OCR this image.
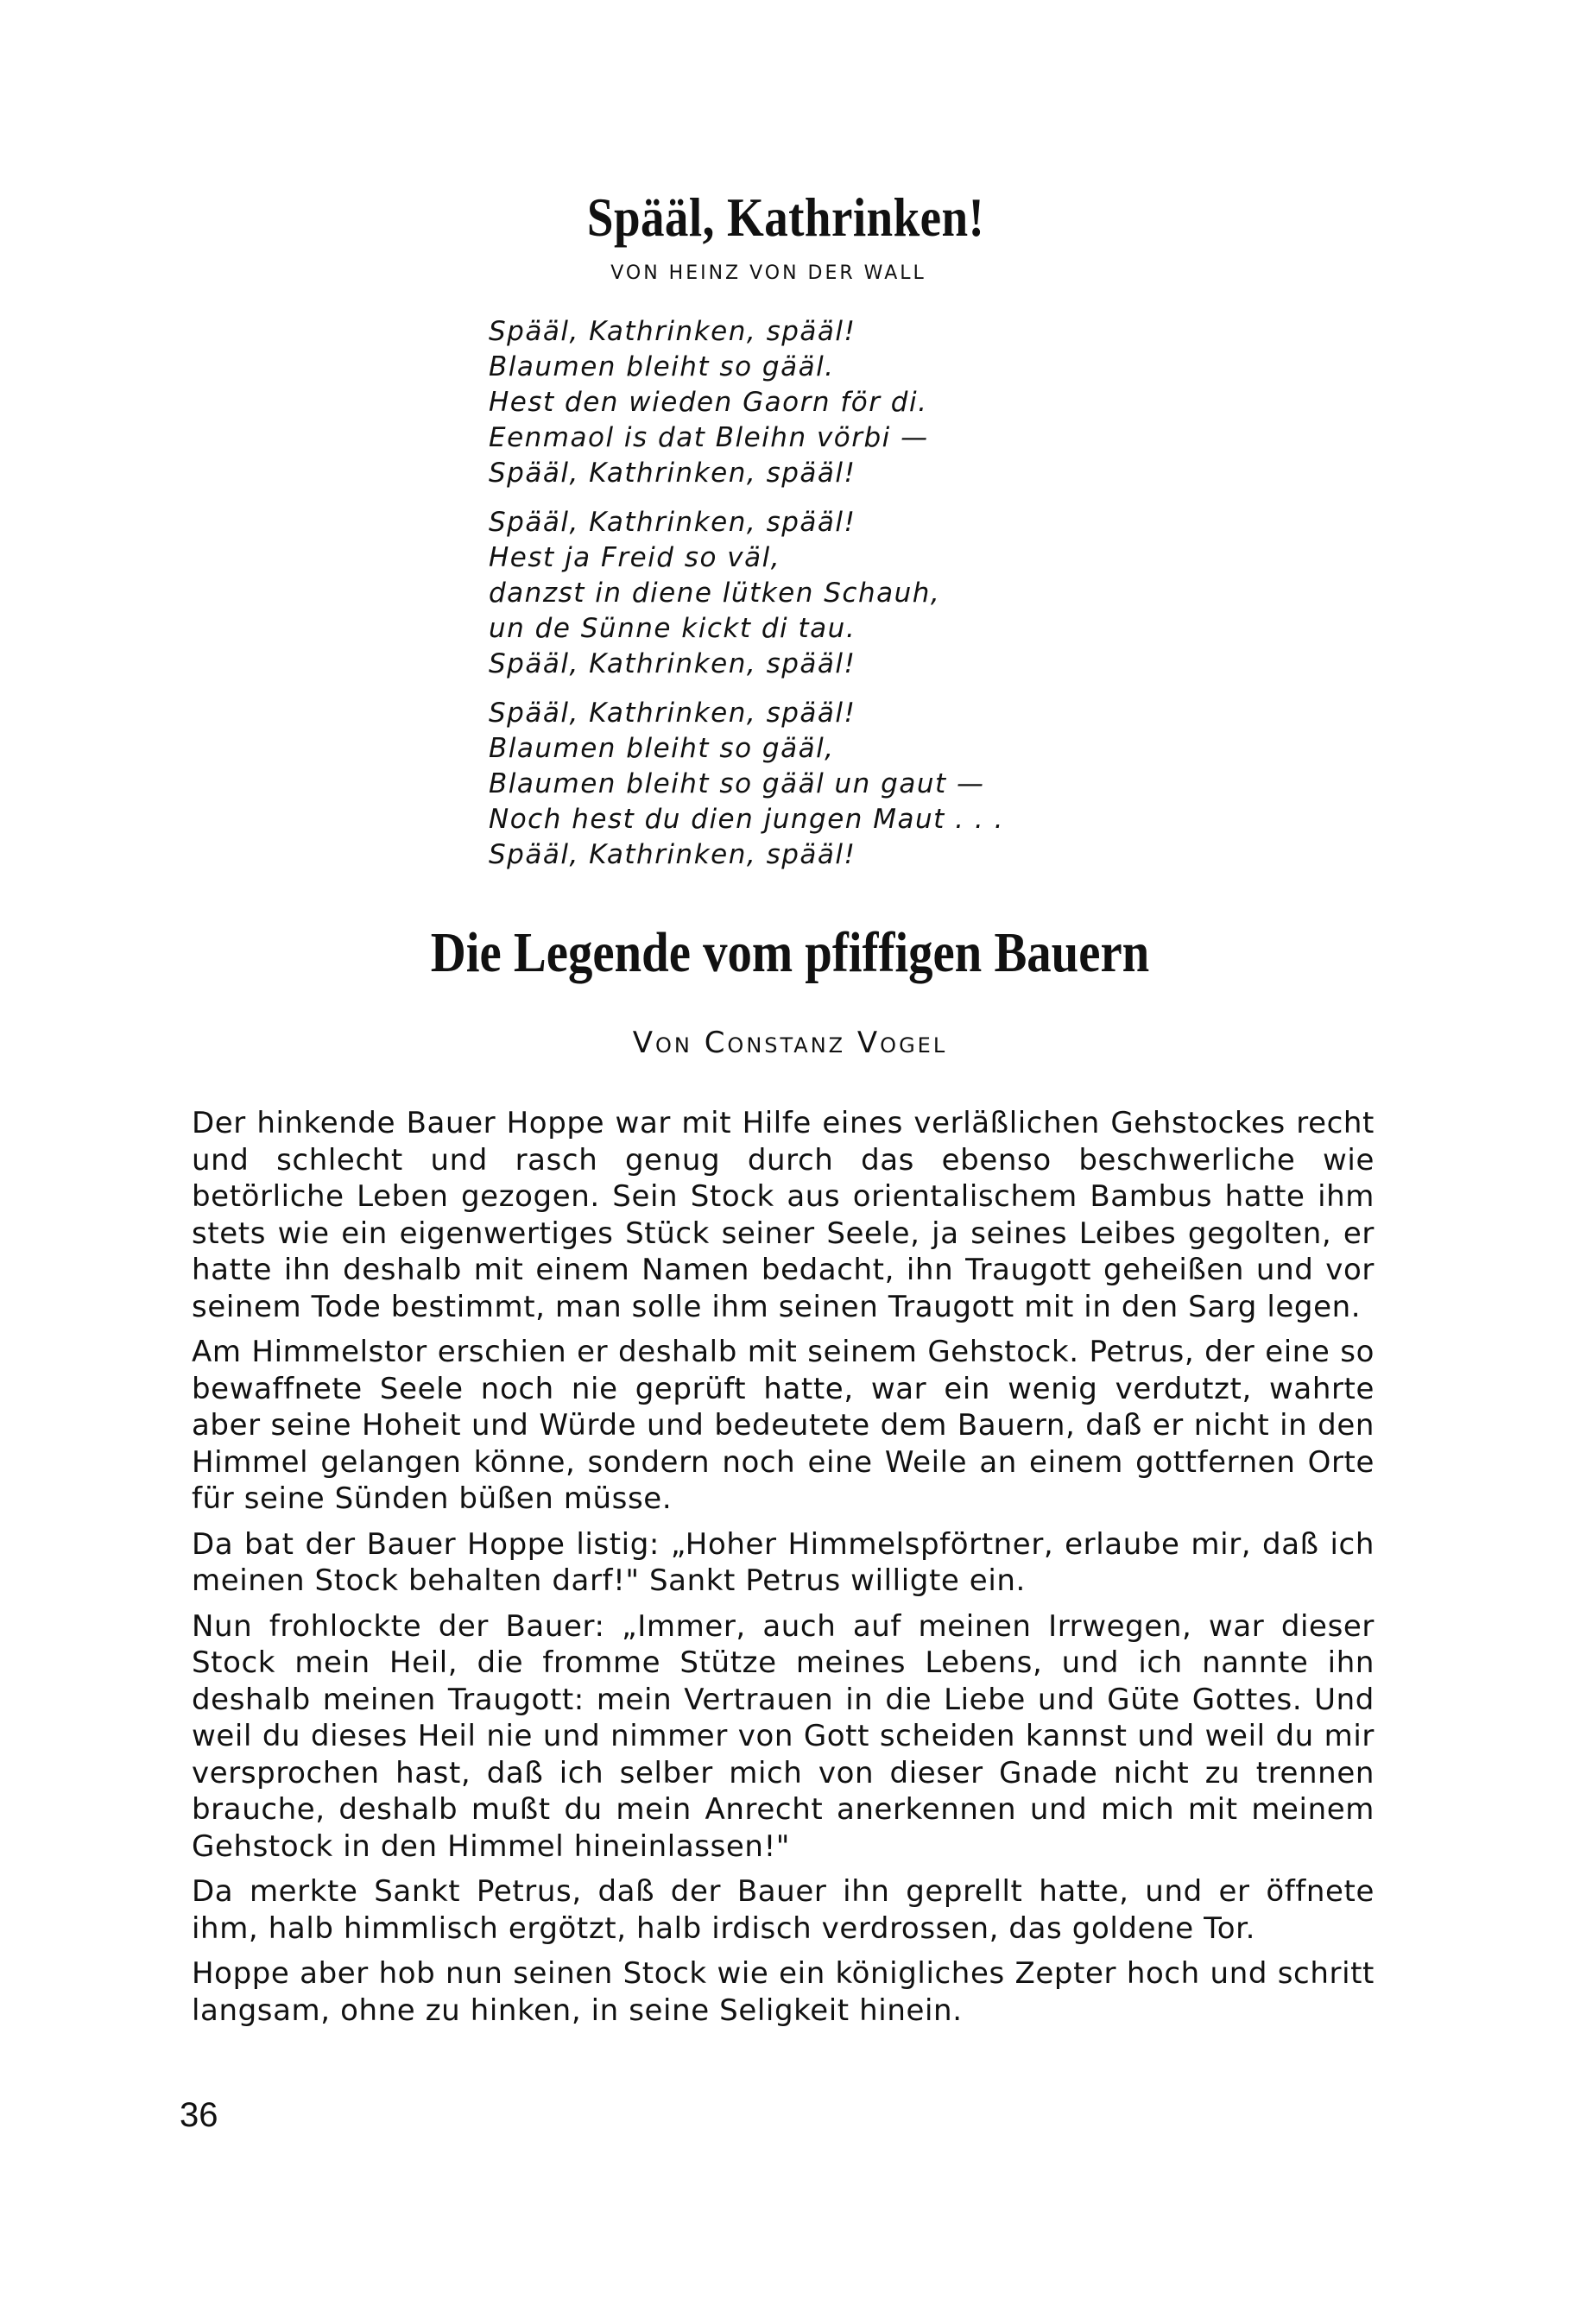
Spääl, Kathrinken!
VON HEINZ VON DER WALL
Spääl, Kathrinken, spääl!
Blaumen bleiht so gääl.
Hest den wieden Gaorn för di.
Eenmaol is dat Bleihn vörbi —
Spääl, Kathrinken, spääl!
Spääl, Kathrinken, spääl!
Hest ja Freid so väl,
danzst in diene lütken Schauh,
un de Sünne kickt di tau.
Spääl, Kathrinken, spääl!
Spääl, Kathrinken, spääl!
Blaumen bleiht so gääl,
Blaumen bleiht so gääl un gaut —
Noch hest du dien jungen Maut . . .
Spääl, Kathrinken, spääl!
Die Legende vom pfiffigen Bauern
Von Constanz Vogel

Der hinkende Bauer Hoppe war mit Hilfe eines verläßlichen Gehstockes recht und schlecht und rasch genug durch das ebenso beschwerliche wie betörliche Leben gezogen. Sein Stock aus orientalischem Bambus hatte ihm stets wie ein eigenwertiges Stück seiner Seele, ja seines Leibes gegolten, er hatte ihn deshalb mit einem Namen bedacht, ihn Traugott geheißen und vor seinem Tode bestimmt, man solle ihm seinen Traugott mit in den Sarg legen.

Am Himmelstor erschien er deshalb mit seinem Gehstock. Petrus, der eine so bewaffnete Seele noch nie geprüft hatte, war ein wenig verdutzt, wahrte aber seine Hoheit und Würde und bedeutete dem Bauern, daß er nicht in den Himmel gelangen könne, sondern noch eine Weile an einem gottfernen Orte für seine Sünden büßen müsse.

Da bat der Bauer Hoppe listig: „Hoher Himmelspförtner, erlaube mir, daß ich meinen Stock behalten darf!" Sankt Petrus willigte ein.

Nun frohlockte der Bauer: „Immer, auch auf meinen Irrwegen, war dieser Stock mein Heil, die fromme Stütze meines Lebens, und ich nannte ihn deshalb meinen Traugott: mein Vertrauen in die Liebe und Güte Gottes. Und weil du dieses Heil nie und nimmer von Gott scheiden kannst und weil du mir versprochen hast, daß ich selber mich von dieser Gnade nicht zu trennen brauche, deshalb mußt du mein Anrecht anerkennen und mich mit meinem Gehstock in den Himmel hineinlassen!"

Da merkte Sankt Petrus, daß der Bauer ihn geprellt hatte, und er öffnete ihm, halb himmlisch ergötzt, halb irdisch verdrossen, das goldene Tor.

Hoppe aber hob nun seinen Stock wie ein königliches Zepter hoch und schritt langsam, ohne zu hinken, in seine Seligkeit hinein.

36
